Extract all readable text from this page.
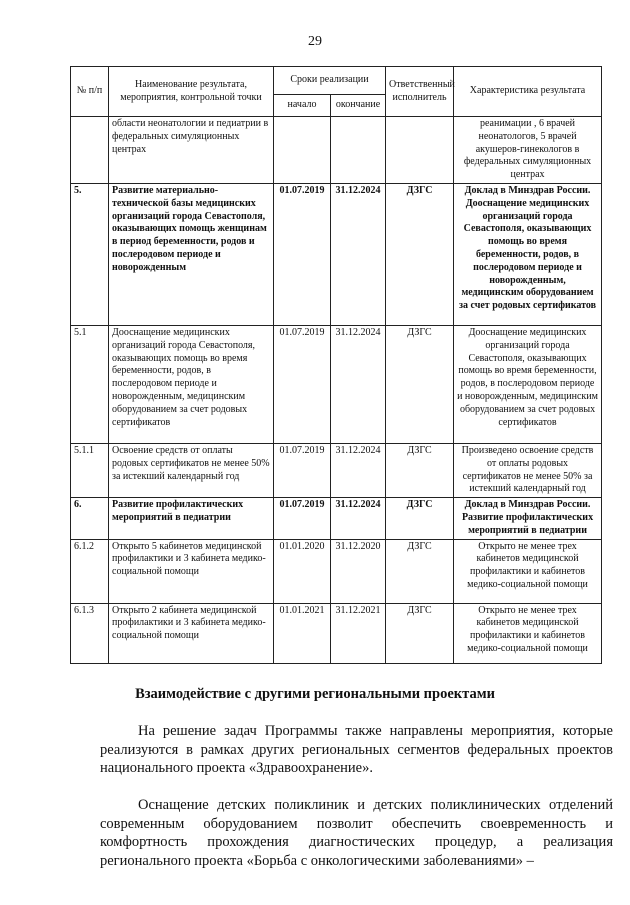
29
№ п/п	Наименование результата, мероприятия, контрольной точки	Сроки реализации		Ответственный исполнитель	Характеристика результата
		начало	окончание		
	области неонатологии и педиатрии в федеральных симуляционных центрах				реанимации , 6 врачей неонатологов, 5 врачей акушеров-гинекологов в федеральных симуляционных центрах
5.	Развитие материально-технической базы медицинских организаций города Севастополя, оказывающих помощь женщинам в период беременности, родов и послеродовом периоде и новорожденным	01.07.2019	31.12.2024	ДЗГС	Доклад в Минздрав России. Дооснащение медицинских организаций города Севастополя, оказывающих помощь во время беременности, родов, в послеродовом периоде и новорожденным, медицинским оборудованием за счет родовых сертификатов
5.1	Дооснащение медицинских организаций города Севастополя, оказывающих помощь во время беременности, родов, в послеродовом периоде и новорожденным, медицинским оборудованием за счет родовых сертификатов	01.07.2019	31.12.2024	ДЗГС	Дооснащение медицинских организаций города Севастополя, оказывающих помощь во время беременности, родов, в послеродовом периоде и новорожденным, медицинским оборудованием за счет родовых сертификатов
5.1.1	Освоение средств от оплаты родовых сертификатов не менее 50% за истекший календарный год	01.07.2019	31.12.2024	ДЗГС	Произведено освоение средств от оплаты родовых сертификатов не менее 50% за истекший календарный год
6.	Развитие профилактических мероприятий в педиатрии	01.07.2019	31.12.2024	ДЗГС	Доклад в Минздрав России. Развитие профилактических мероприятий в педиатрии
6.1.2	Открыто 5 кабинетов медицинской профилактики и 3 кабинета медико-социальной помощи	01.01.2020	31.12.2020	ДЗГС	Открыто не менее трех кабинетов медицинской профилактики и кабинетов медико-социальной помощи
6.1.3	Открыто 2 кабинета медицинской профилактики и 3 кабинета медико-социальной помощи	01.01.2021	31.12.2021	ДЗГС	Открыто не менее трех кабинетов медицинской профилактики и кабинетов медико-социальной помощи
Взаимодействие с другими региональными проектами

На решение задач Программы также направлены мероприятия, которые реализуются в рамках других региональных сегментов федеральных проектов национального проекта «Здравоохранение».

Оснащение детских поликлиник и детских поликлинических отделений современным оборудованием позволит обеспечить своевременность и комфортность прохождения диагностических процедур, а реализация регионального проекта «Борьба с онкологическими заболеваниями» –
